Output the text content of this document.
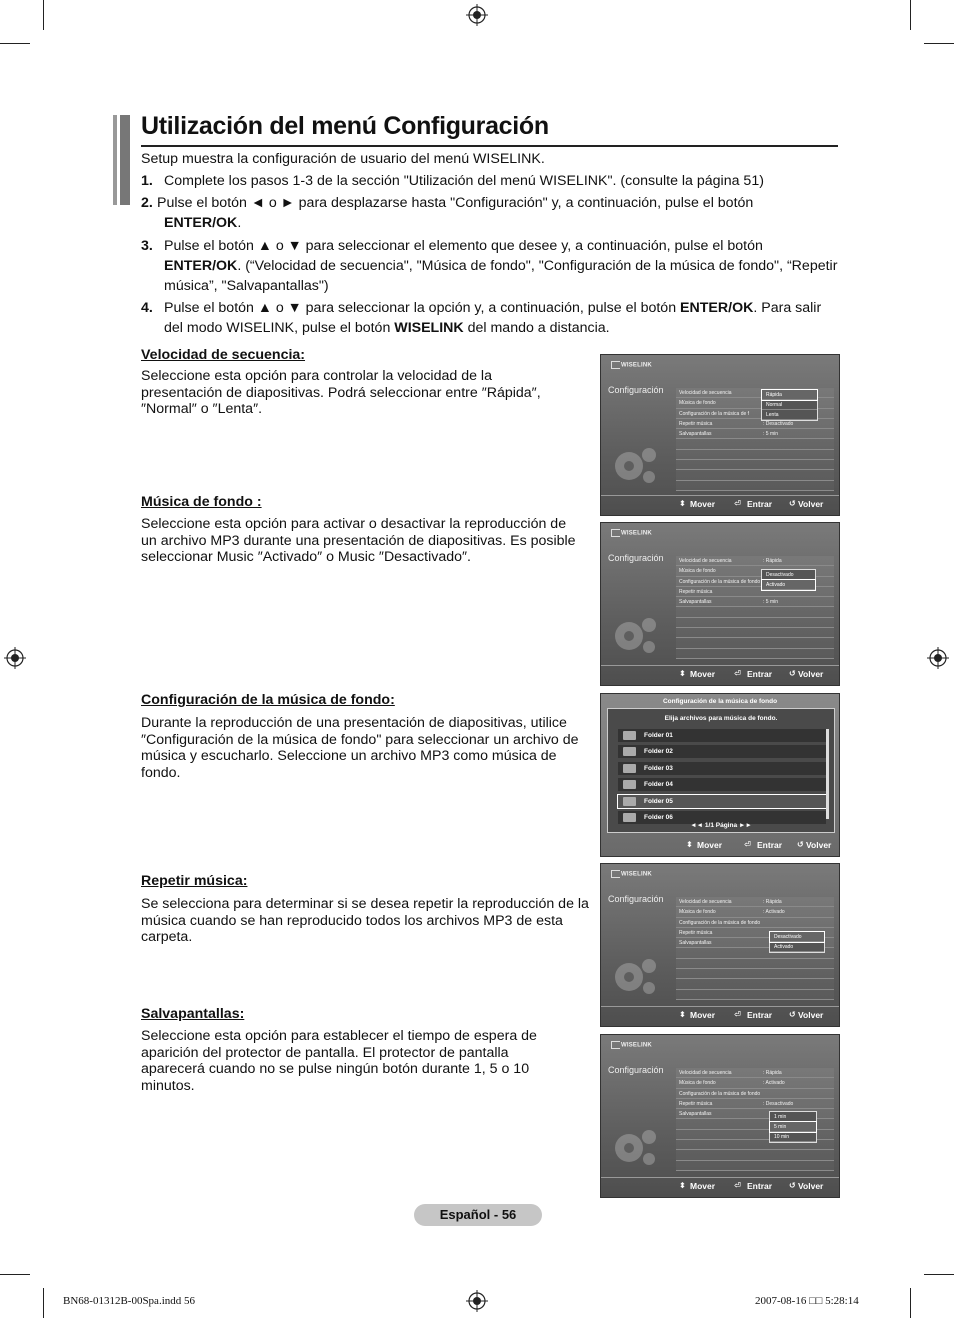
Utilización del menú Configuración
Setup muestra la configuración de usuario del menú WISELINK.
1. Complete los pasos 1-3 de la sección "Utilización del menú WISELINK". (consulte la página 51)
2. Pulse el botón ◄ o ► para desplazarse hasta "Configuración" y, a continuación, pulse el botón
ENTER/OK.
3. Pulse el botón ▲ o ▼ para seleccionar el elemento que desee y, a continuación, pulse el botón ENTER/OK. (“Velocidad de secuencia", "Música de fondo", "Configuración de la música de fondo", “Repetir música”, "Salvapantallas")
4. Pulse el botón ▲ o ▼ para seleccionar la opción y, a continuación, pulse el botón ENTER/OK. Para salir del modo WISELINK, pulse el botón WISELINK del mando a distancia.
Velocidad de secuencia:
Seleccione esta opción para controlar la velocidad de la presentación de diapositivas. Podrá seleccionar entre ″Rápida″, ″Normal″ o ″Lenta″.
Música de fondo :
Seleccione esta opción para activar o desactivar la reproducción de un archivo MP3 durante una presentación de diapositivas. Es posible seleccionar Music ″Activado″ o Music ″Desactivado″.
Configuración de la música de fondo:
Durante la reproducción de una presentación de diapositivas, utilice ″Configuración de la música de fondo" para seleccionar un archivo de música y escucharlo. Seleccione un archivo MP3 como música de fondo.
Repetir música:
Se selecciona para determinar si se desea repetir la reproducción de la música cuando se han reproducido todos los archivos MP3 de esta carpeta.
Salvapantallas:
Seleccione esta opción para establecer el tiempo de espera de aparición del protector de pantalla. El protector de pantalla aparecerá cuando no se pulse ningún botón durante 1, 5 o 10 minutos.
WISELINK
Configuración	Velocidad de secuencia
Música de fondo
Configuración de la música de f
Repetir música	: Desactivado
Salvapantallas	: 5 min
Rápida
Normal
Lenta
⬍ Mover ⏎ Entrar ↺ Volver
WISELINK
Configuración	Velocidad de secuencia	: Rápida
Música de fondo
Configuración de la música de fondo
Repetir música
Salvapantallas	: 5 min
Desactivado
Activado
⬍ Mover ⏎ Entrar ↺ Volver
Configuración de la música de fondo
Elija archivos para música de fondo.
Folder 01
Folder 02
Folder 03
Folder 04
Folder 05
Folder 06
◄◄ 1/1 Página ►►
⬍ Mover	⏎ Entrar ↺ Volver
WISELINK
Configuración	Velocidad de secuencia	: Rápida
Música de fondo	: Activado
Configuración de la música de fondo
Repetir música
Salvapantallas
Desactivado
Activado
⬍ Mover ⏎ Entrar ↺ Volver
WISELINK
Configuración	Velocidad de secuencia	: Rápida
Música de fondo	: Activado
Configuración de la música de fondo
Repetir música	: Desactivado
Salvapantallas	1 min
5 min
10 min
⬍ Mover ⏎ Entrar ↺ Volver
Español - 56
BN68-01312B-00Spa.indd 56	2007-08-16 □□ 5:28:14
